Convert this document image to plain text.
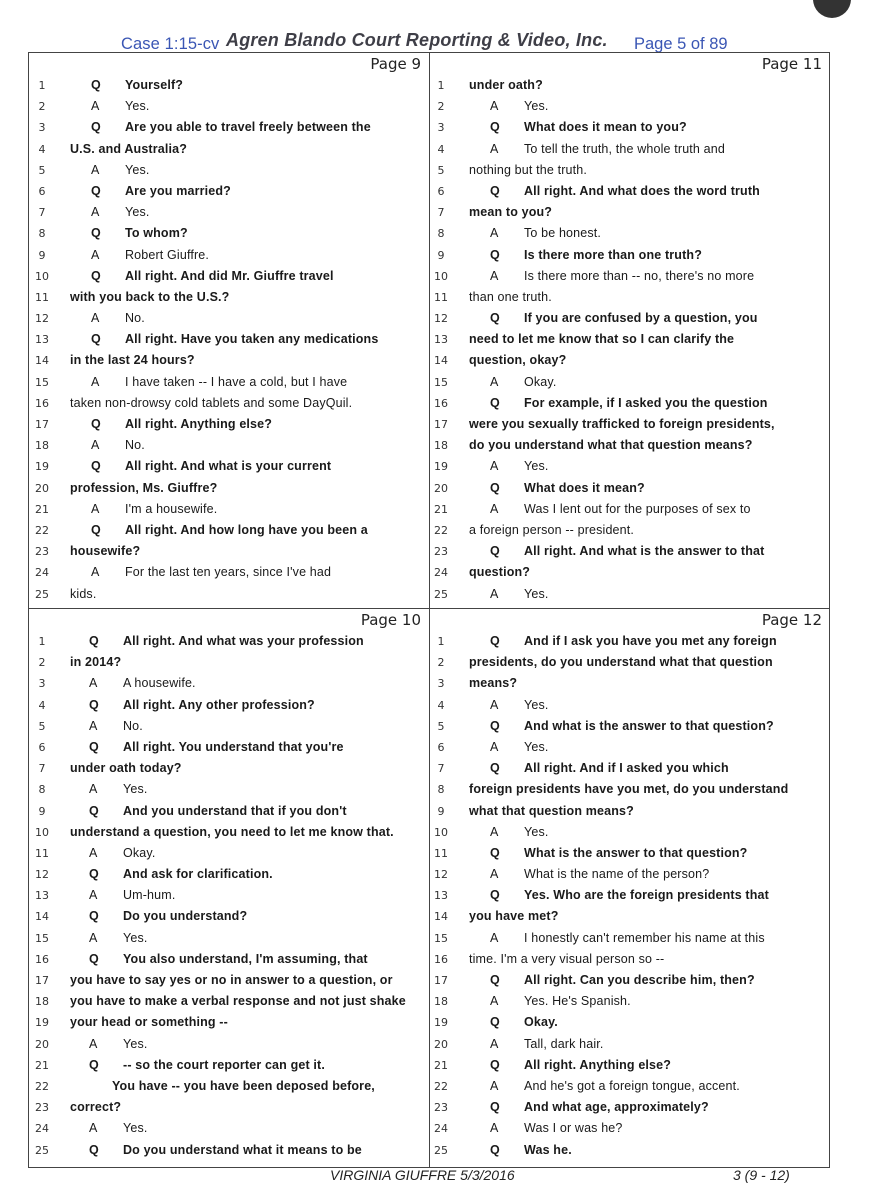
Case 1:15-cv Agren Blando Court Reporting & Video, Inc. Page 5 of 89
Page 9
1	Q Yourself?
2	A Yes.
3	Q Are you able to travel freely between the
4	U.S. and Australia?
5	A Yes.
6	Q Are you married?
7	A Yes.
8	Q To whom?
9	A Robert Giuffre.
10	Q All right. And did Mr. Giuffre travel
11	with you back to the U.S.?
12	A No.
13	Q All right. Have you taken any medications
14	in the last 24 hours?
15	A I have taken -- I have a cold, but I have
16	taken non-drowsy cold tablets and some DayQuil.
17	Q All right. Anything else?
18	A No.
19	Q All right. And what is your current
20	profession, Ms. Giuffre?
21	A I'm a housewife.
22	Q All right. And how long have you been a
23	housewife?
24	A For the last ten years, since I've had
25	kids.
Page 11
1	under oath?
2	A Yes.
3	Q What does it mean to you?
4	A To tell the truth, the whole truth and
5	nothing but the truth.
6	Q All right. And what does the word truth
7	mean to you?
8	A To be honest.
9	Q Is there more than one truth?
10	A Is there more than -- no, there's no more
11	than one truth.
12	Q If you are confused by a question, you
13	need to let me know that so I can clarify the
14	question, okay?
15	A Okay.
16	Q For example, if I asked you the question
17	were you sexually trafficked to foreign presidents,
18	do you understand what that question means?
19	A Yes.
20	Q What does it mean?
21	A Was I lent out for the purposes of sex to
22	a foreign person -- president.
23	Q All right. And what is the answer to that
24	question?
25	A Yes.
Page 10
1	Q All right. And what was your profession
2	in 2014?
3	A A housewife.
4	Q All right. Any other profession?
5	A No.
6	Q All right. You understand that you're
7	under oath today?
8	A Yes.
9	Q And you understand that if you don't
10	understand a question, you need to let me know that.
11	A Okay.
12	Q And ask for clarification.
13	A Um-hum.
14	Q Do you understand?
15	A Yes.
16	Q You also understand, I'm assuming, that
17	you have to say yes or no in answer to a question, or
18	you have to make a verbal response and not just shake
19	your head or something --
20	A Yes.
21	Q -- so the court reporter can get it.
22	You have -- you have been deposed before,
23	correct?
24	A Yes.
25	Q Do you understand what it means to be
Page 12
1	Q And if I ask you have you met any foreign
2	presidents, do you understand what that question
3	means?
4	A Yes.
5	Q And what is the answer to that question?
6	A Yes.
7	Q All right. And if I asked you which
8	foreign presidents have you met, do you understand
9	what that question means?
10	A Yes.
11	Q What is the answer to that question?
12	A What is the name of the person?
13	Q Yes. Who are the foreign presidents that
14	you have met?
15	A I honestly can't remember his name at this
16	time. I'm a very visual person so --
17	Q All right. Can you describe him, then?
18	A Yes. He's Spanish.
19	Q Okay.
20	A Tall, dark hair.
21	Q All right. Anything else?
22	A And he's got a foreign tongue, accent.
23	Q And what age, approximately?
24	A Was I or was he?
25	Q Was he.
VIRGINIA GIUFFRE 5/3/2016	3 (9 - 12)
